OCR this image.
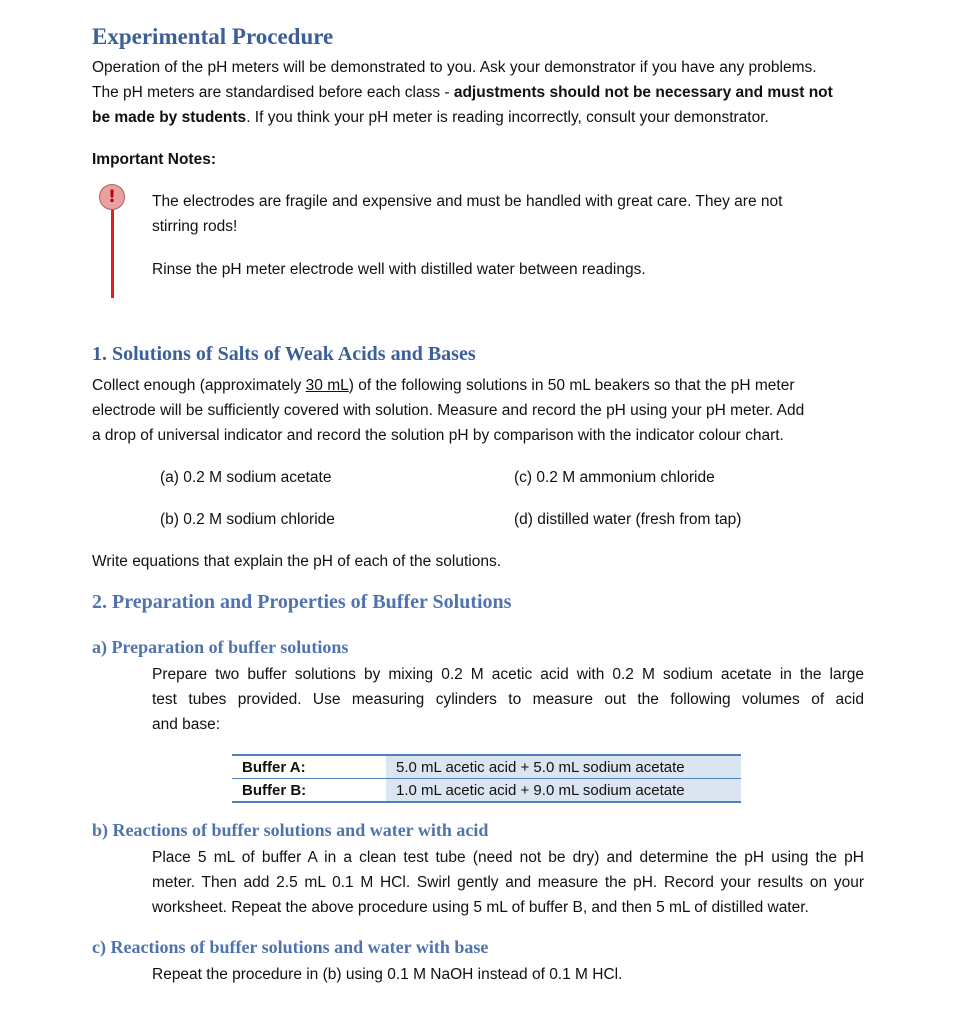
Experimental Procedure
Operation of the pH meters will be demonstrated to you. Ask your demonstrator if you have any problems.
The pH meters are standardised before each class - adjustments should not be necessary and must not
be made by students. If you think your pH meter is reading incorrectly, consult your demonstrator.
Important Notes:
! The electrodes are fragile and expensive and must be handled with great care. They are not
stirring rods!
Rinse the pH meter electrode well with distilled water between readings.
1. Solutions of Salts of Weak Acids and Bases
Collect enough (approximately 30 mL) of the following solutions in 50 mL beakers so that the pH meter
electrode will be sufficiently covered with solution. Measure and record the pH using your pH meter. Add
a drop of universal indicator and record the solution pH by comparison with the indicator colour chart.
(a) 0.2 M sodium acetate	(c) 0.2 M ammonium chloride
(b) 0.2 M sodium chloride	(d) distilled water (fresh from tap)
Write equations that explain the pH of each of the solutions.
2. Preparation and Properties of Buffer Solutions
a) Preparation of buffer solutions
Prepare two buffer solutions by mixing 0.2 M acetic acid with 0.2 M sodium acetate in the large
test tubes provided. Use measuring cylinders to measure out the following volumes of acid
and base:
Buffer A:	5.0 mL acetic acid + 5.0 mL sodium acetate
Buffer B:	1.0 mL acetic acid + 9.0 mL sodium acetate
b) Reactions of buffer solutions and water with acid
Place 5 mL of buffer A in a clean test tube (need not be dry) and determine the pH using the pH
meter. Then add 2.5 mL 0.1 M HCl. Swirl gently and measure the pH. Record your results on your
worksheet. Repeat the above procedure using 5 mL of buffer B, and then 5 mL of distilled water.
c) Reactions of buffer solutions and water with base
Repeat the procedure in (b) using 0.1 M NaOH instead of 0.1 M HCl.
